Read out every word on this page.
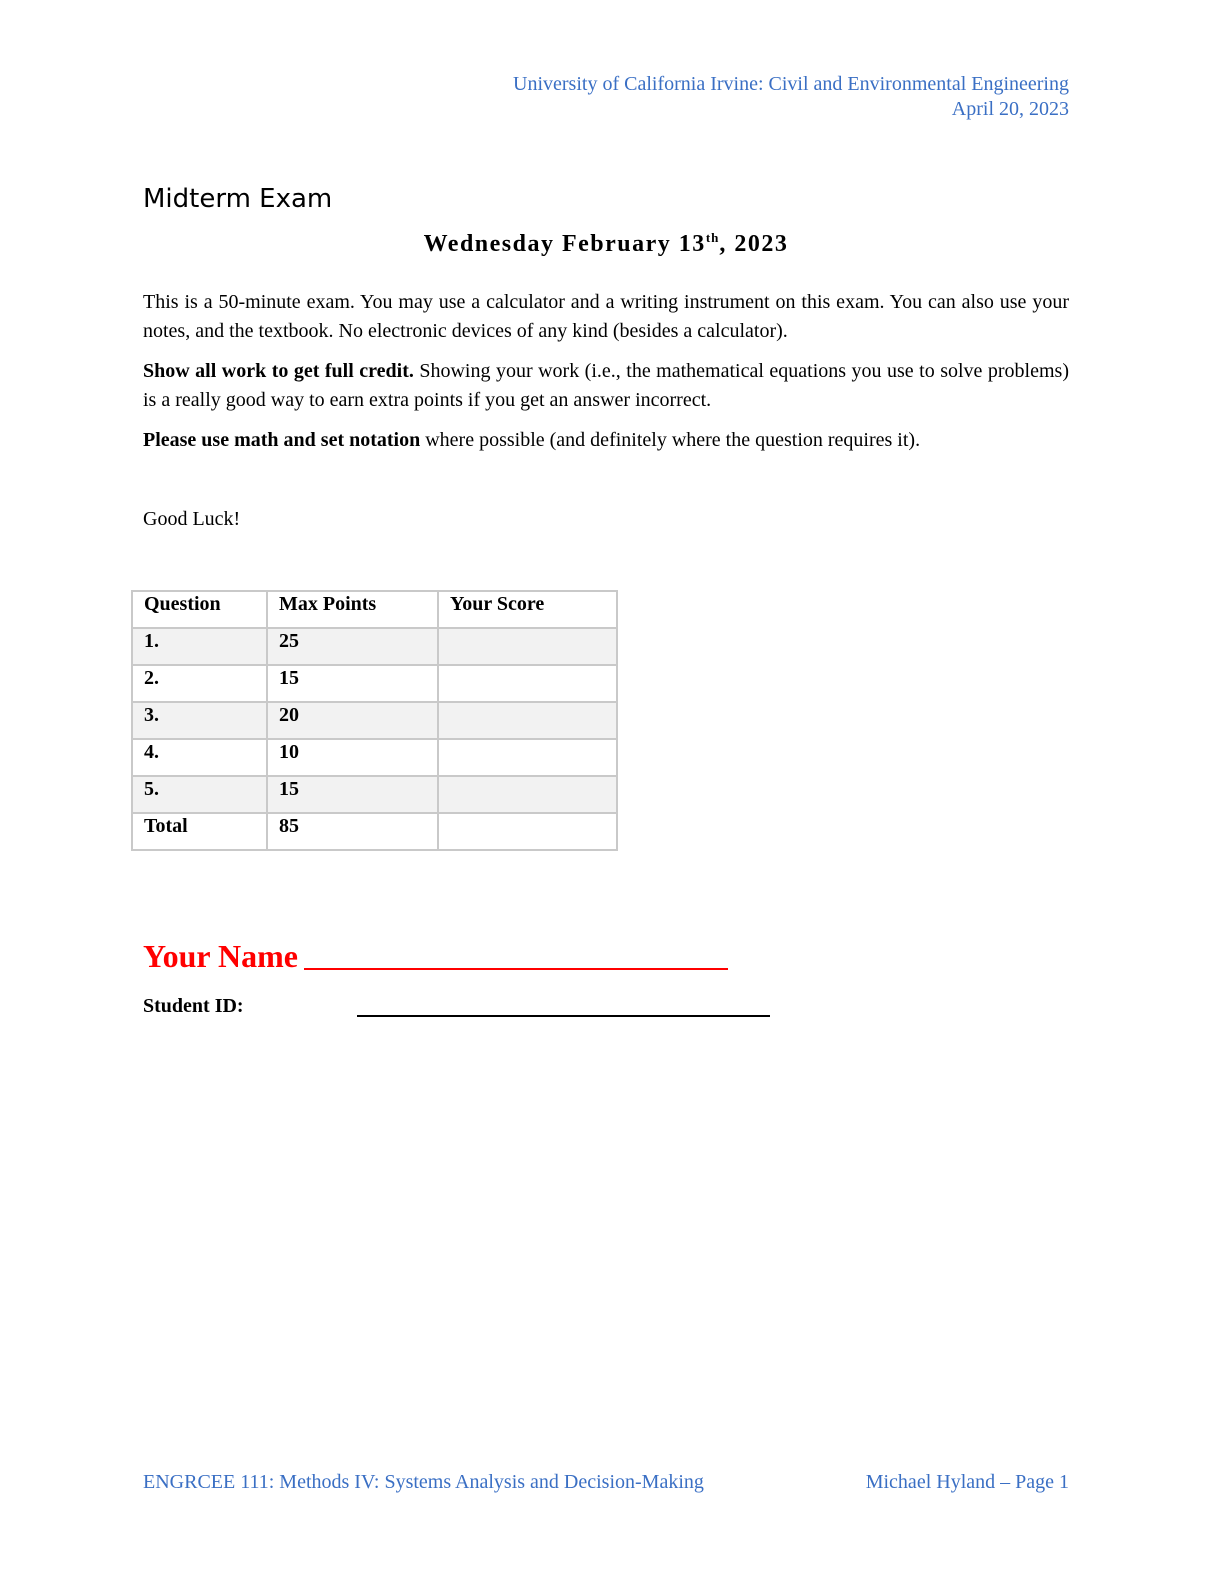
University of California Irvine: Civil and Environmental Engineering
April 20, 2023
Midterm Exam
Wednesday February 13th, 2023
This is a 50-minute exam. You may use a calculator and a writing instrument on this exam. You can also use your notes, and the textbook. No electronic devices of any kind (besides a calculator).
Show all work to get full credit. Showing your work (i.e., the mathematical equations you use to solve problems) is a really good way to earn extra points if you get an answer incorrect.
Please use math and set notation where possible (and definitely where the question requires it).
Good Luck!
Question	Max Points	Your Score
1.	25	
2.	15	
3.	20	
4.	10	
5.	15	
Total	85	
Your Name
Student ID:
ENGRCEE 111: Methods IV: Systems Analysis and Decision-Making	Michael Hyland – Page 1
